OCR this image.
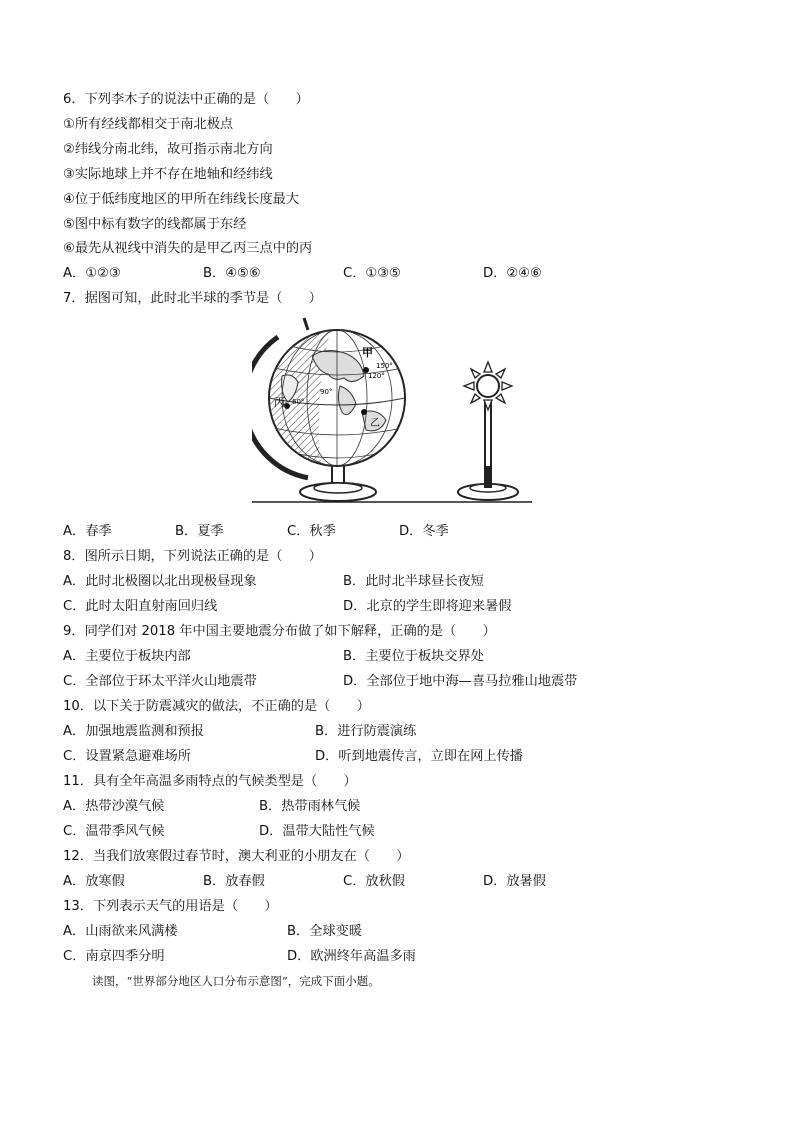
6．下列李木子的说法中正确的是（　　）
①所有经线都相交于南北极点
②纬线分南北纬，故可指示南北方向
③实际地球上并不存在地轴和经纬线
④位于低纬度地区的甲所在纬线长度最大
⑤图中标有数字的线都属于东经
⑥最先从视线中消失的是甲乙丙三点中的丙
A．①②③	B．④⑤⑥	C．①③⑤	D．②④⑥
7．据图可知，此时北半球的季节是（　　）
甲
乙
丙
150°
120°
90°
60°
A．春季	B．夏季	C．秋季	D．冬季
8．图所示日期，下列说法正确的是（　　）
A．此时北极圈以北出现极昼现象	B．此时北半球昼长夜短
C．此时太阳直射南回归线	D．北京的学生即将迎来暑假
9．同学们对 2018 年中国主要地震分布做了如下解释，正确的是（　　）
A．主要位于板块内部	B．主要位于板块交界处
C．全部位于环太平洋火山地震带	D．全部位于地中海—喜马拉雅山地震带
10．以下关于防震减灾的做法，不正确的是（　　）
A．加强地震监测和预报	B．进行防震演练
C．设置紧急避难场所	D．听到地震传言，立即在网上传播
11．具有全年高温多雨特点的气候类型是（　　）
A．热带沙漠气候	B．热带雨林气候
C．温带季风气候	D．温带大陆性气候
12．当我们放寒假过春节时，澳大利亚的小朋友在（　　）
A．放寒假	B．放春假	C．放秋假	D．放暑假
13．下列表示天气的用语是（　　）
A．山雨欲来风满楼	B．全球变暖
C．南京四季分明	D．欧洲终年高温多雨
读图，“世界部分地区人口分布示意图”，完成下面小题。
